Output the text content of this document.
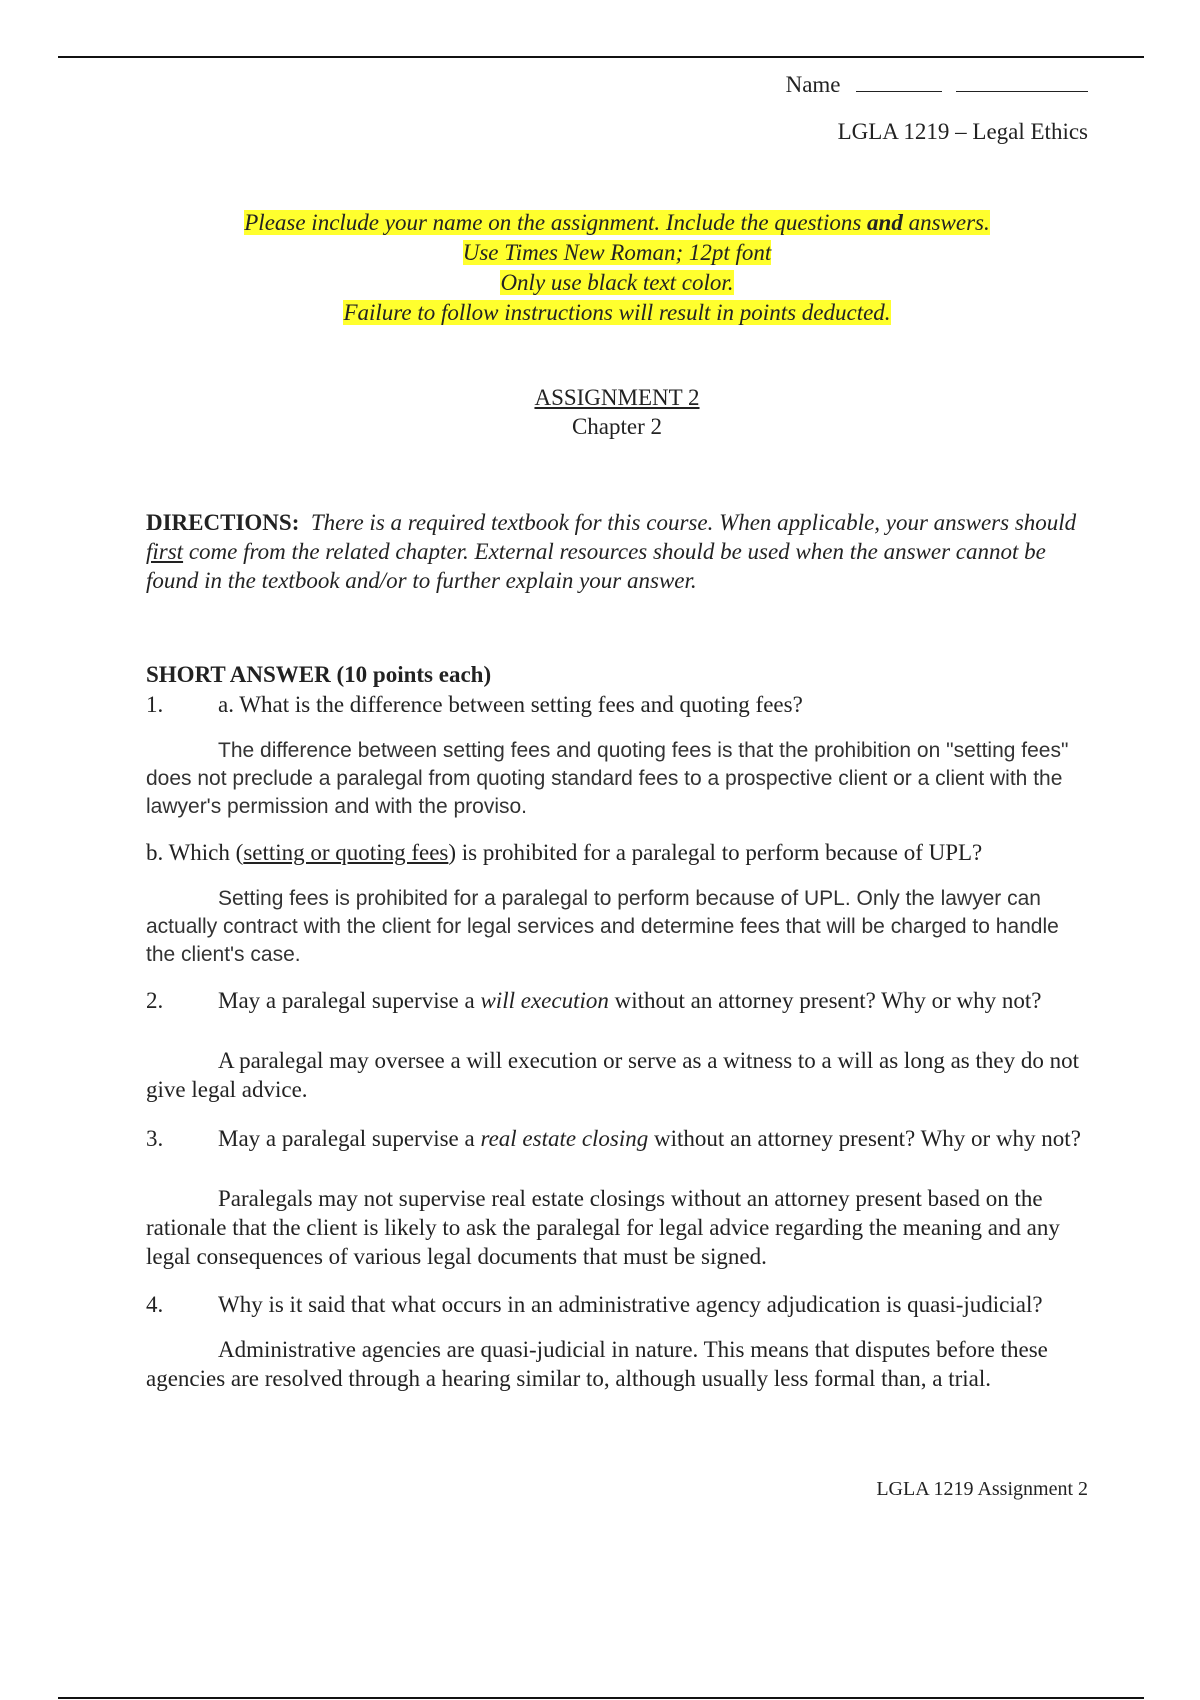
Name
LGLA 1219 – Legal Ethics

Please include your name on the assignment. Include the questions and answers.

Use Times New Roman; 12pt font

Only use black text color.

Failure to follow instructions will result in points deducted.

ASSIGNMENT 2
Chapter 2
DIRECTIONS: There is a required textbook for this course. When applicable, your answers should first come from the related chapter. External resources should be used when the answer cannot be found in the textbook and/or to further explain your answer.
SHORT ANSWER (10 points each)
1. a. What is the difference between setting fees and quoting fees?
The difference between setting fees and quoting fees is that the prohibition on "setting fees" does not preclude a paralegal from quoting standard fees to a prospective client or a client with the lawyer's permission and with the proviso.
b. Which (setting or quoting fees) is prohibited for a paralegal to perform because of UPL?
Setting fees is prohibited for a paralegal to perform because of UPL. Only the lawyer can actually contract with the client for legal services and determine fees that will be charged to handle the client's case.
2. May a paralegal supervise a will execution without an attorney present? Why or why not?
A paralegal may oversee a will execution or serve as a witness to a will as long as they do not give legal advice.
3. May a paralegal supervise a real estate closing without an attorney present? Why or why not?
Paralegals may not supervise real estate closings without an attorney present based on the rationale that the client is likely to ask the paralegal for legal advice regarding the meaning and any legal consequences of various legal documents that must be signed.
4. Why is it said that what occurs in an administrative agency adjudication is quasi-judicial?
Administrative agencies are quasi-judicial in nature. This means that disputes before these agencies are resolved through a hearing similar to, although usually less formal than, a trial.
LGLA 1219 Assignment 2
